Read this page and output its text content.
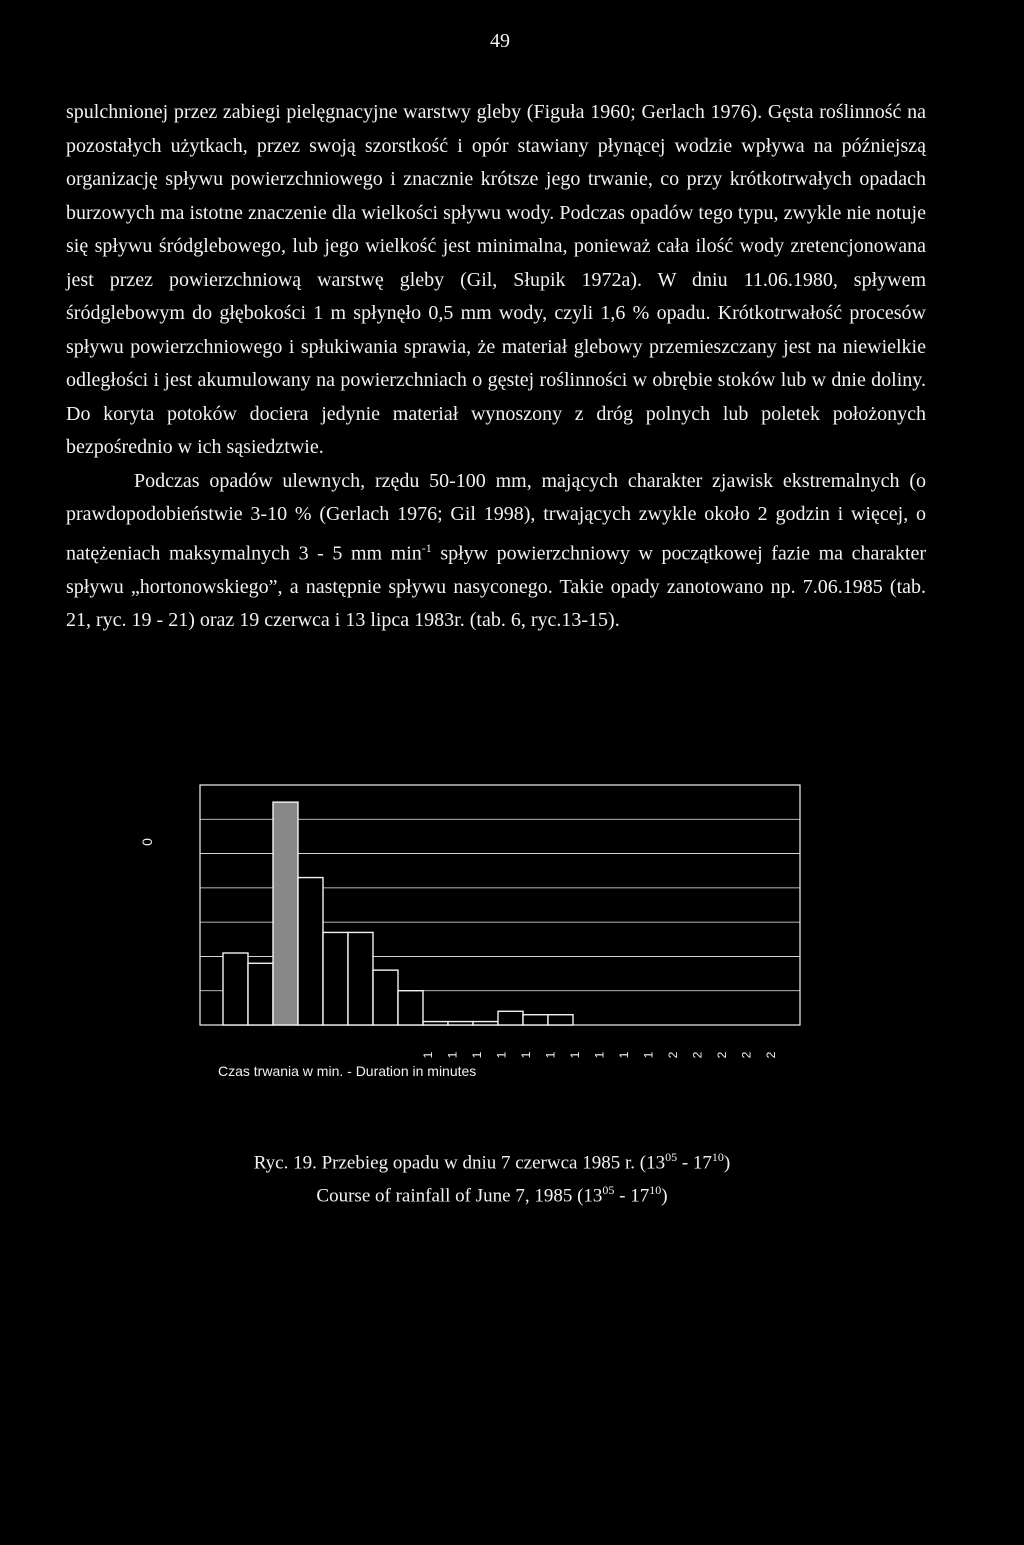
49

spulchnionej przez zabiegi pielęgnacyjne warstwy gleby (Figuła 1960; Gerlach 1976). Gęsta roślinność na pozostałych użytkach, przez swoją szorstkość i opór stawiany płynącej wodzie wpływa na późniejszą organizację spływu powierzchniowego i znacznie krótsze jego trwanie, co przy krótkotrwałych opadach burzowych ma istotne znaczenie dla wielkości spływu wody. Podczas opadów tego typu, zwykle nie notuje się spływu śródglebowego, lub jego wielkość jest minimalna, ponieważ cała ilość wody zretencjonowana jest przez powierzchniową warstwę gleby (Gil, Słupik 1972a). W dniu 11.06.1980, spływem śródglebowym do głębokości 1 m spłynęło 0,5 mm wody, czyli 1,6 % opadu. Krótkotrwałość procesów spływu powierzchniowego i spłukiwania sprawia, że materiał glebowy przemieszczany jest na niewielkie odległości i jest akumulowany na powierzchniach o gęstej roślinności w obrębie stoków lub w dnie doliny. Do koryta potoków dociera jedynie materiał wynoszony z dróg polnych lub poletek położonych bezpośrednio w ich sąsiedztwie.

Podczas opadów ulewnych, rzędu 50-100 mm, mających charakter zjawisk ekstremalnych (o prawdopodobieństwie 3-10 % (Gerlach 1976; Gil 1998), trwających zwykle około 2 godzin i więcej, o natężeniach maksymalnych 3 - 5 mm $\min^{-1}$ spływ powierzchniowy w początkowej fazie ma charakter spływu „hortonowskiego”, a następnie spływu nasyconego. Takie opady zanotowano np. 7.06.1985 (tab. 21, ryc. 19 - 21) oraz 19 czerwca i 13 lipca 1983r. (tab. 6, ryc.13-15).

0
1 1 1 1 1 1 1 1 1 1 2 2 2 2 2
Czas trwania w min. - Duration in minutes
Ryc. 19. Przebieg opadu w dniu 7 czerwca 1985 r. $(13^{05} - 17^{10})$
Course of rainfall of June 7, 1985 $(13^{05} - 17^{10})$
